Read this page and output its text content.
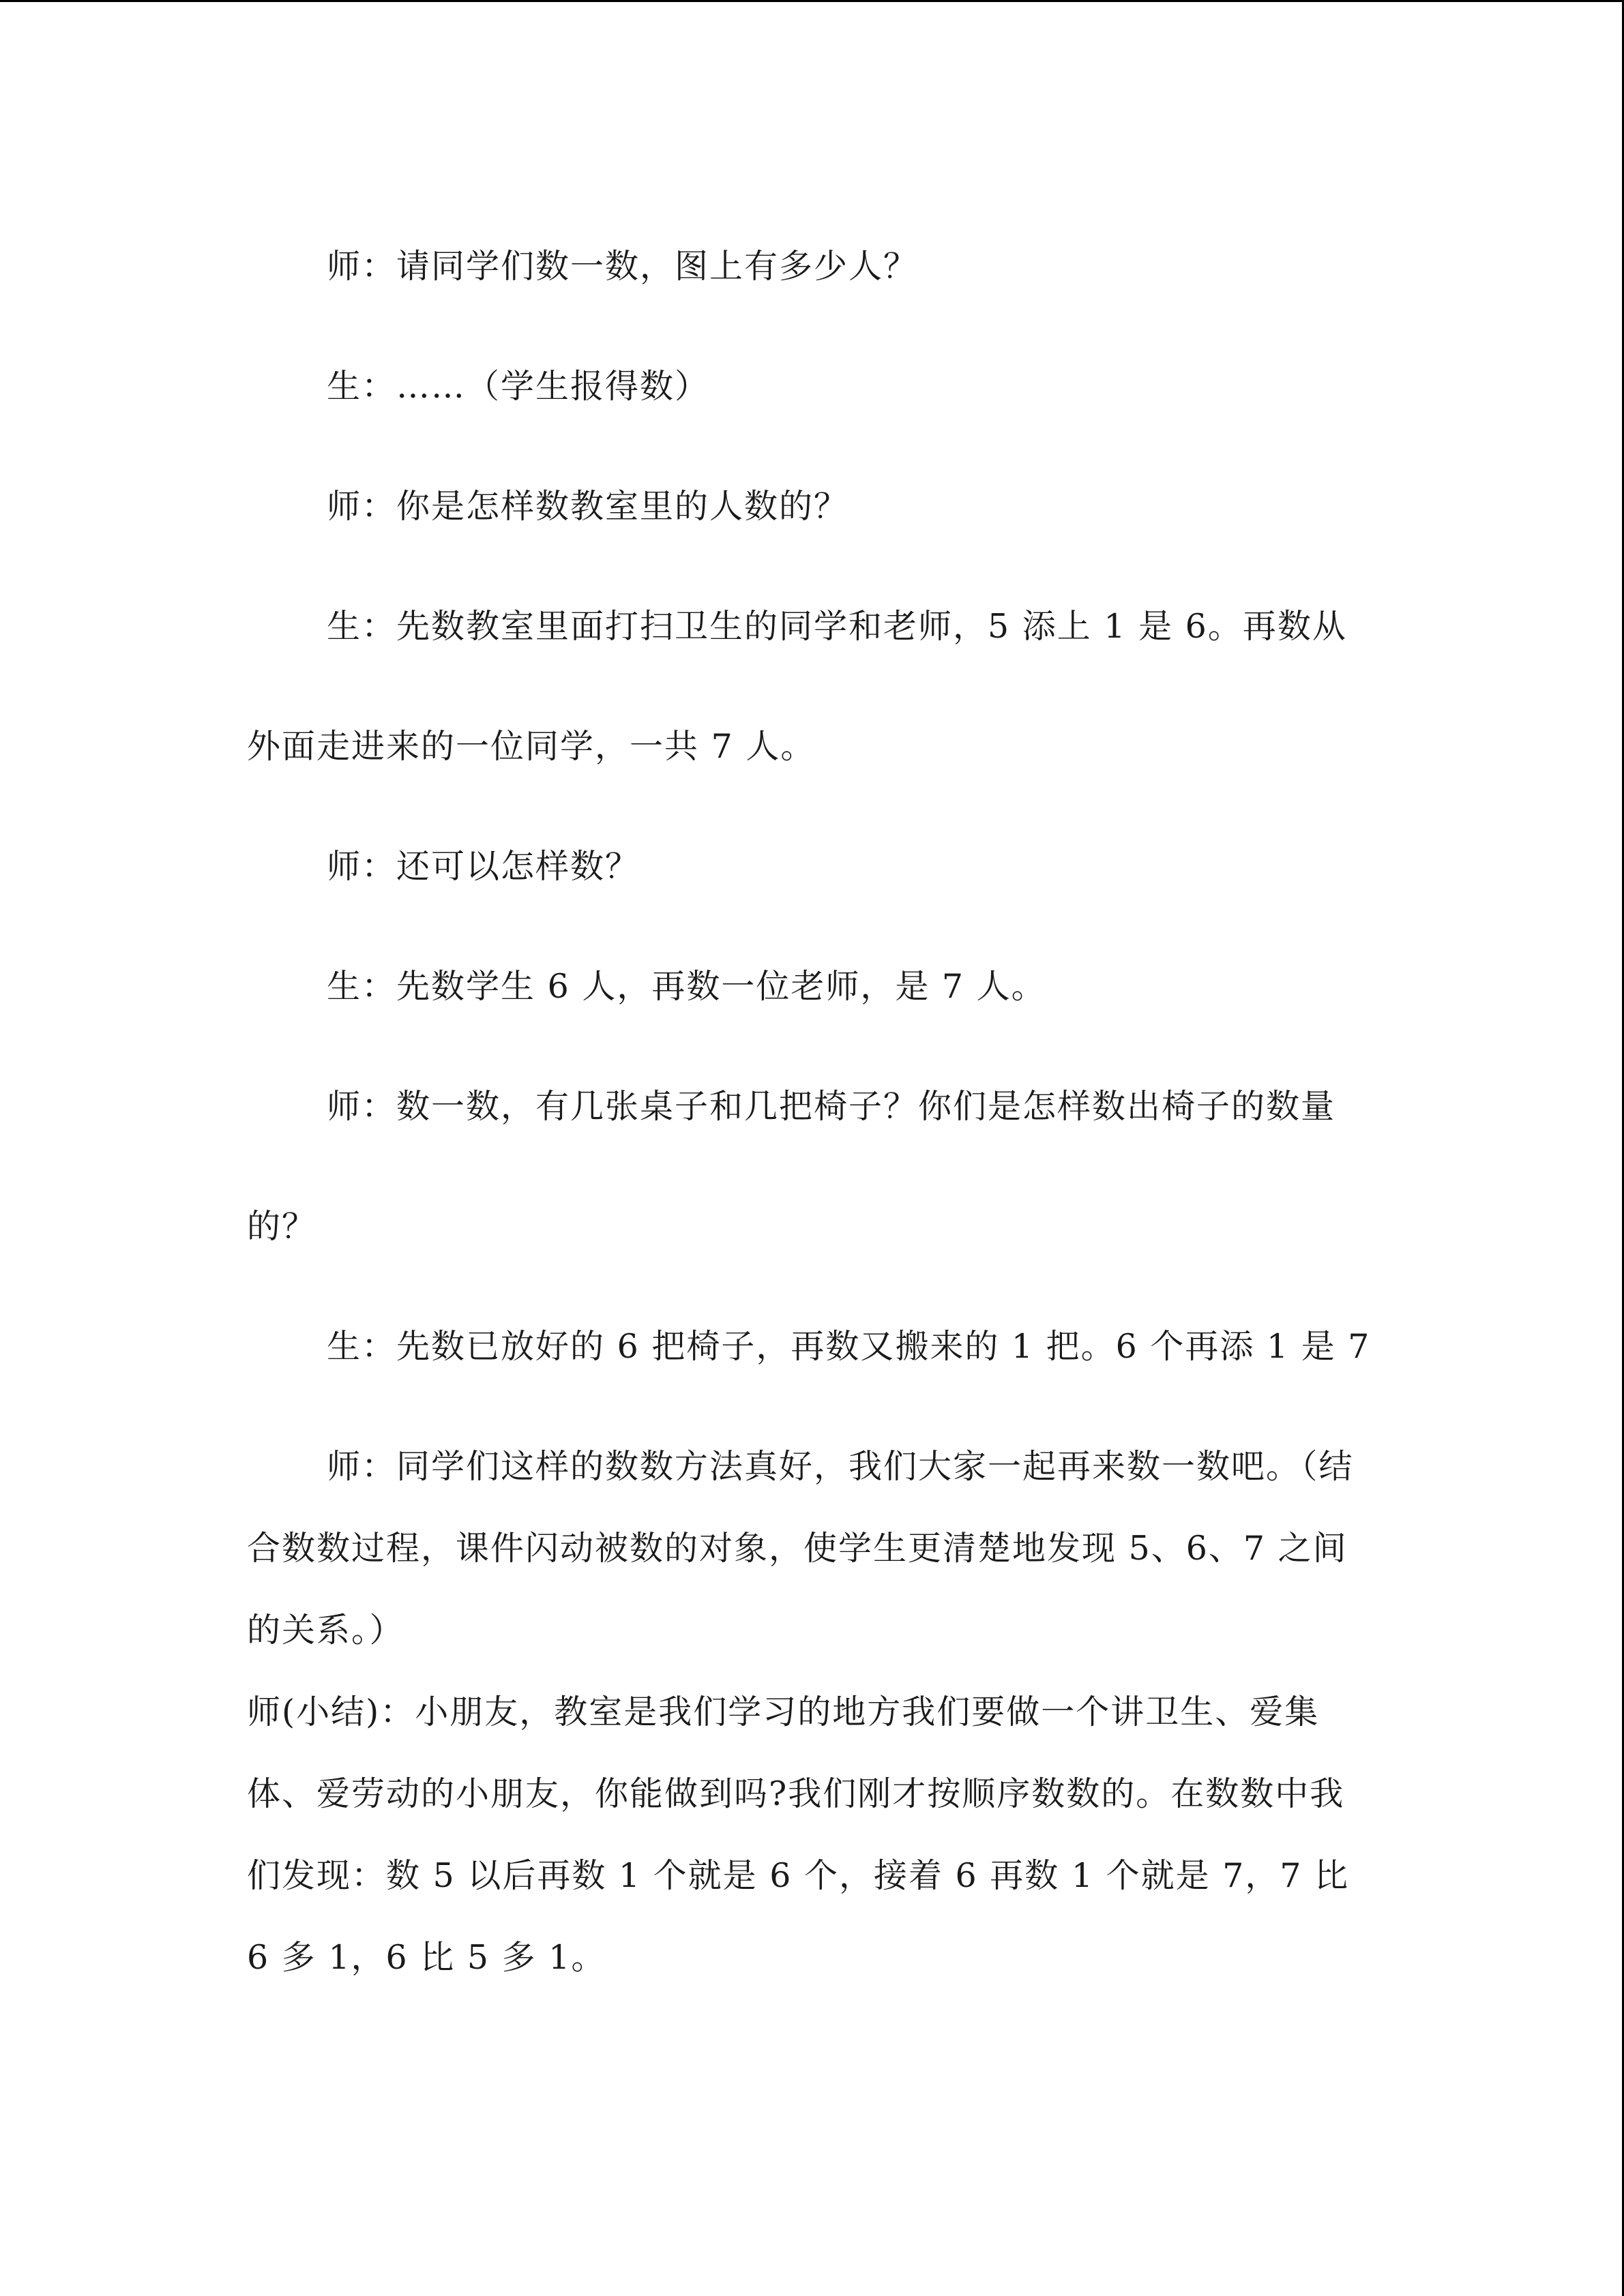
师：请同学们数一数，图上有多少人？

生：……（学生报得数）

师：你是怎样数教室里的人数的？

生：先数教室里面打扫卫生的同学和老师，5 添上 1 是 6。再数从外面走进来的一位同学，一共 7 人。

师：还可以怎样数？

生：先数学生 6 人，再数一位老师，是 7 人。

师：数一数，有几张桌子和几把椅子？你们是怎样数出椅子的数量的？

生：先数已放好的 6 把椅子，再数又搬来的 1 把。6 个再添 1 是 7

师：同学们这样的数数方法真好，我们大家一起再来数一数吧。（结合数数过程，课件闪动被数的对象，使学生更清楚地发现 5、6、7 之间的关系。）

师(小结)：小朋友，教室是我们学习的地方我们要做一个讲卫生、爱集体、爱劳动的小朋友，你能做到吗?我们刚才按顺序数数的。在数数中我们发现：数 5 以后再数 1 个就是 6 个，接着 6 再数 1 个就是 7，7 比 6 多 1，6 比 5 多 1。
